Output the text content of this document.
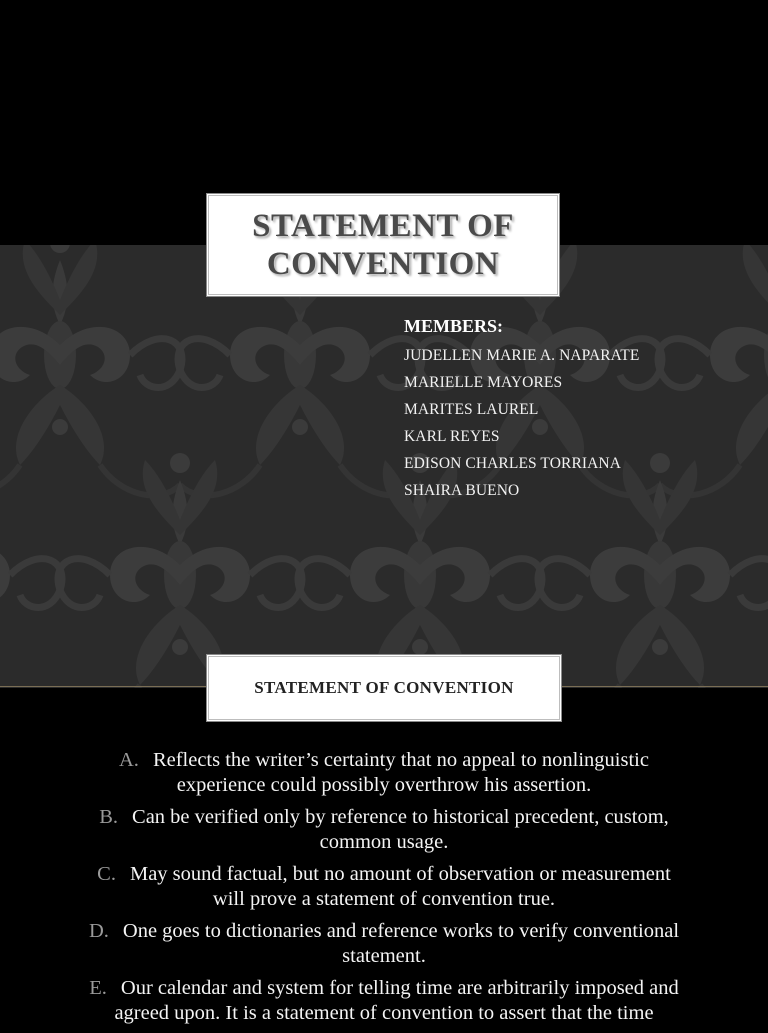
STATEMENT OF
CONVENTION
MEMBERS:
JUDELLEN MARIE A. NAPARATE
MARIELLE MAYORES
MARITES LAUREL
KARL REYES
EDISON CHARLES TORRIANA
SHAIRA BUENO
STATEMENT OF CONVENTION
A. Reflects the writer’s certainty that no appeal to nonlinguistic
experience could possibly overthrow his assertion.
B. Can be verified only by reference to historical precedent, custom,
common usage.
C. May sound factual, but no amount of observation or measurement
will prove a statement of convention true.
D. One goes to dictionaries and reference works to verify conventional
statement.
E. Our calendar and system for telling time are arbitrarily imposed and
agreed upon. It is a statement of convention to assert that the time
